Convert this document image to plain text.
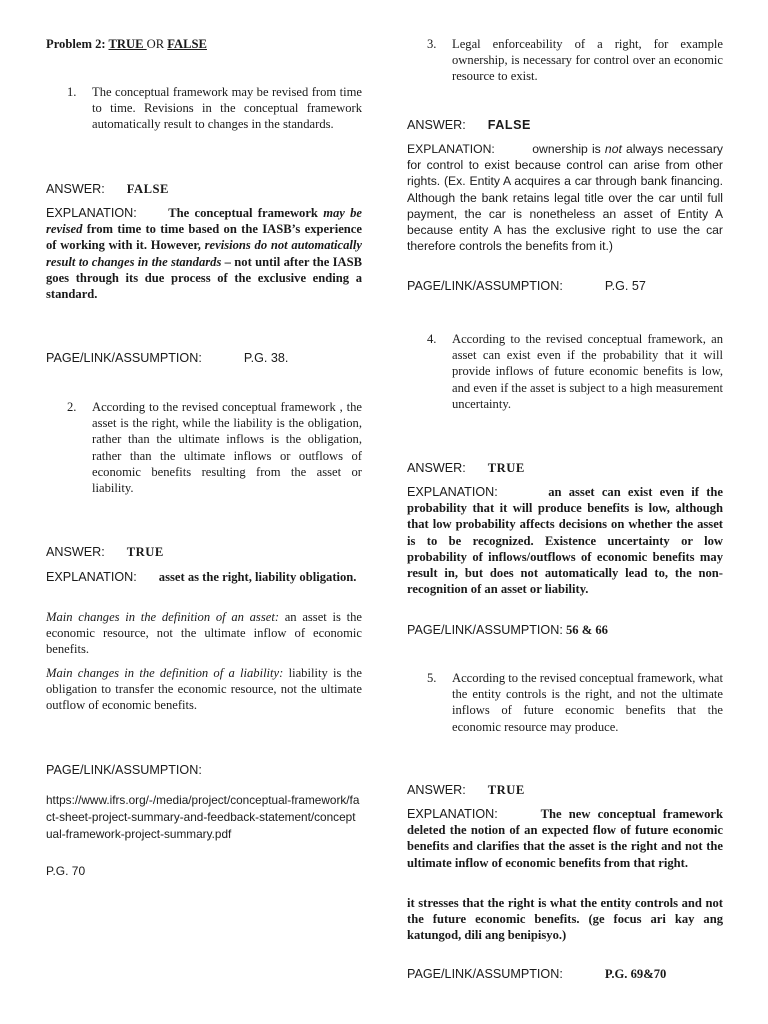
Problem 2: TRUE OR FALSE
1.	The conceptual framework may be revised from time to time. Revisions in the conceptual framework automatically result to changes in the standards.
ANSWER: FALSE
EXPLANATION: The conceptual framework may be revised from time to time based on the IASB’s experience of working with it. However, revisions do not automatically result to changes in the standards – not until after the IASB goes through its due process of the exclusive ending a standard.
PAGE/LINK/ASSUMPTION:	P.G. 38.
2.	According to the revised conceptual framework , the asset is the right, while the liability is the obligation, rather than the ultimate inflows is the obligation, rather than the ultimate inflows or outflows of economic benefits resulting from the asset or liability.
ANSWER: TRUE
EXPLANATION: asset as the right, liability obligation.
Main changes in the definition of an asset: an asset is the economic resource, not the ultimate inflow of economic benefits.
Main changes in the definition of a liability: liability is the obligation to transfer the economic resource, not the ultimate outflow of economic benefits.
PAGE/LINK/ASSUMPTION:
https://www.ifrs.org/-/media/project/conceptual-framework/fact-sheet-project-summary-and-feedback-statement/conceptual-framework-project-summary.pdf
P.G. 70
3.	Legal enforceability of a right, for example ownership, is necessary for control over an economic resource to exist.
ANSWER: FALSE
EXPLANATION:	ownership is not always necessary for control to exist because control can arise from other rights. (Ex. Entity A acquires a car through bank financing. Although the bank retains legal title over the car until full payment, the car is nonetheless an asset of Entity A because entity A has the exclusive right to use the car therefore controls the benefits from it.)
PAGE/LINK/ASSUMPTION:	P.G. 57
4.	According to the revised conceptual framework, an asset can exist even if the probability that it will provide inflows of future economic benefits is low, and even if the asset is subject to a high measurement uncertainty.
ANSWER: TRUE
EXPLANATION:	an asset can exist even if the probability that it will produce benefits is low, although that low probability affects decisions on whether the asset is to be recognized. Existence uncertainty or low probability of inflows/outflows of economic benefits may result in, but does not automatically lead to, the non-recognition of an asset or liability.
PAGE/LINK/ASSUMPTION: 56 & 66
5.	According to the revised conceptual framework, what the entity controls is the right, and not the ultimate inflows of future economic benefits that the economic resource may produce.
ANSWER: TRUE
EXPLANATION:	The new conceptual framework deleted the notion of an expected flow of future economic benefits and clarifies that the asset is the right and not the ultimate inflow of economic benefits from that right.
it stresses that the right is what the entity controls and not the future economic benefits. (ge focus ari kay ang katungod, dili ang benipisyo.)
PAGE/LINK/ASSUMPTION:	P.G. 69&70
